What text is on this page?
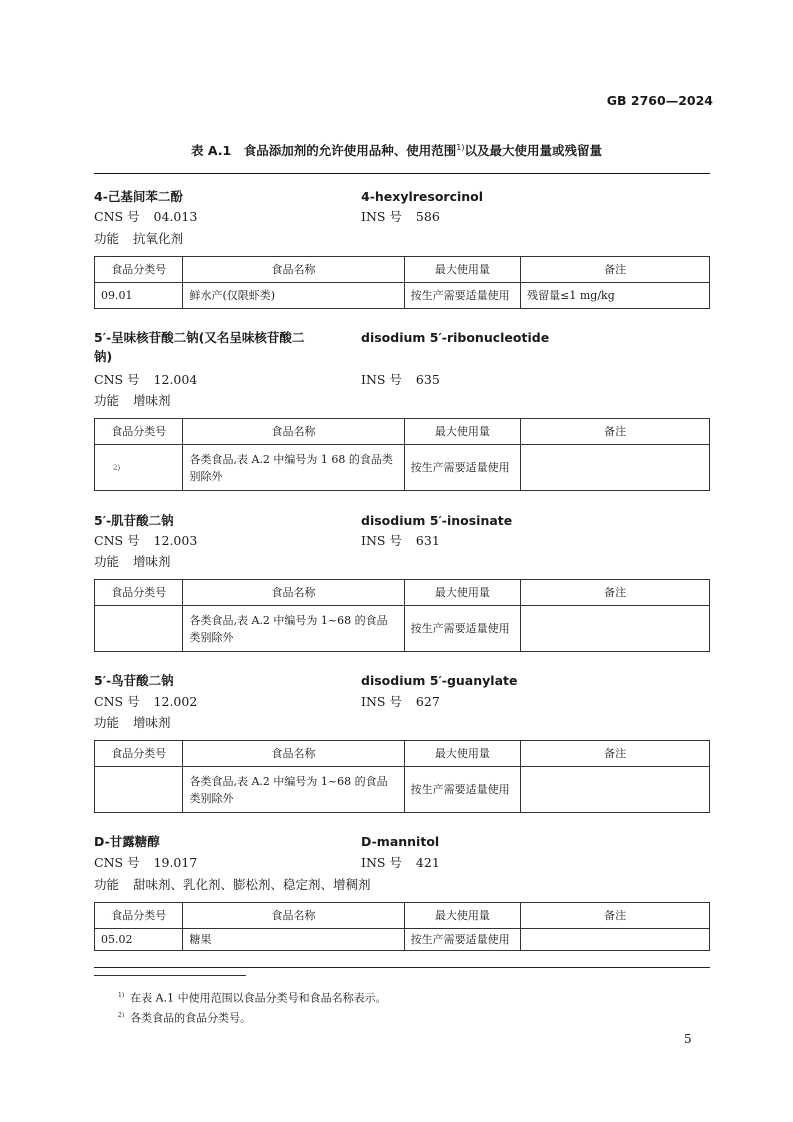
GB 2760—2024
表 A.1　食品添加剂的允许使用品种、使用范围$^{1)}$以及最大使用量或残留量
4-己基间苯二酚	4-hexylresorcinol
CNS 号 04.013	INS 号 586
功能 抗氧化剂
食品分类号	食品名称	最大使用量	备注
09.01	鲜水产(仅限虾类)	按生产需要适量使用	残留量≤1 mg/kg
5′-呈味核苷酸二钠(又名呈味核苷酸二
钠)
disodium 5′-ribonucleotide
CNS 号 12.004	INS 号 635
功能 增味剂
食品分类号	食品名称	最大使用量	备注
2)	各类食品,表 A.2 中编号为 1 68 的食品类别除外	按生产需要适量使用	
5′-肌苷酸二钠	disodium 5′-inosinate
CNS 号 12.003	INS 号 631
功能 增味剂
食品分类号	食品名称	最大使用量	备注
	各类食品,表 A.2 中编号为 1~68 的食品类别除外	按生产需要适量使用	
5′-鸟苷酸二钠	disodium 5′-guanylate
CNS 号 12.002	INS 号 627
功能 增味剂
食品分类号	食品名称	最大使用量	备注
	各类食品,表 A.2 中编号为 1~68 的食品类别除外	按生产需要适量使用	
D-甘露糖醇	D-mannitol
CNS 号 19.017	INS 号 421
功能 甜味剂、乳化剂、膨松剂、稳定剂、增稠剂
食品分类号	食品名称	最大使用量	备注
05.02	糖果	按生产需要适量使用	
$^{1)}$ 在表 A.1 中使用范围以食品分类号和食品名称表示。
$^{2)}$ 各类食品的食品分类号。
5
